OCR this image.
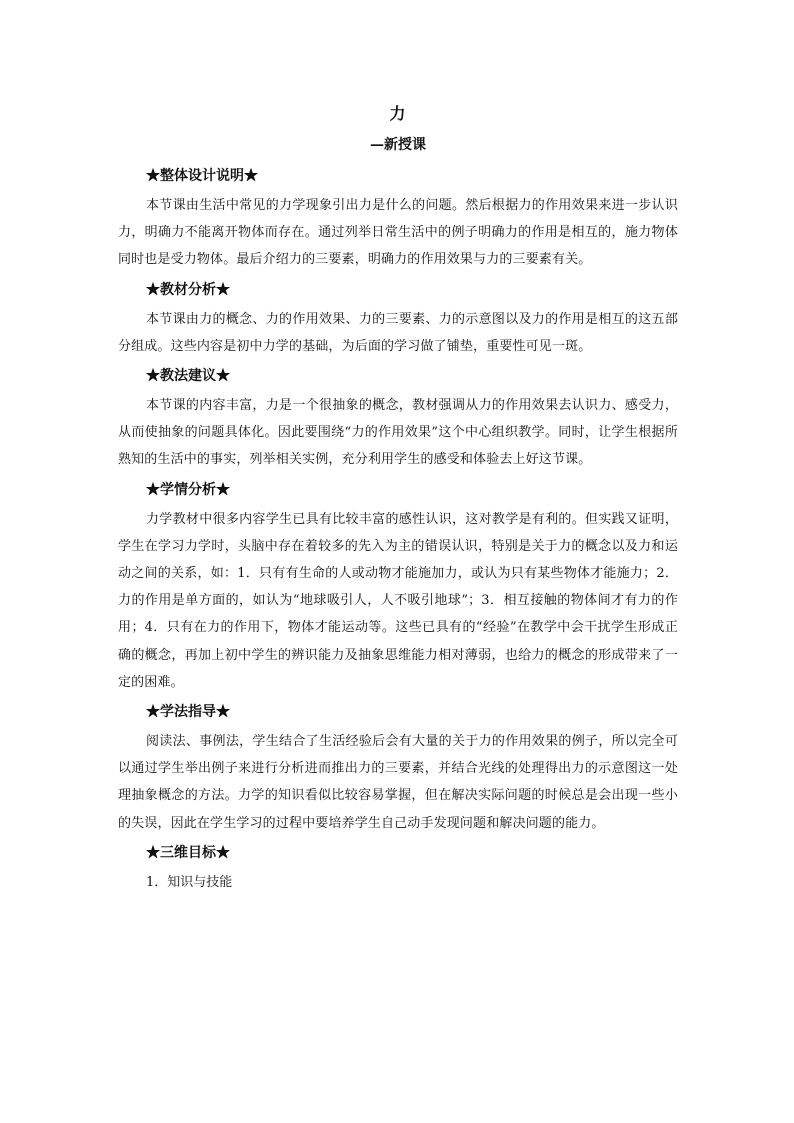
力
—新授课
★整体设计说明★

本节课由生活中常见的力学现象引出力是什么的问题。然后根据力的作用效果来进一步认识力，明确力不能离开物体而存在。通过列举日常生活中的例子明确力的作用是相互的，施力物体同时也是受力物体。最后介绍力的三要素，明确力的作用效果与力的三要素有关。

★教材分析★

本节课由力的概念、力的作用效果、力的三要素、力的示意图以及力的作用是相互的这五部分组成。这些内容是初中力学的基础，为后面的学习做了铺垫，重要性可见一斑。

★教法建议★

本节课的内容丰富，力是一个很抽象的概念，教材强调从力的作用效果去认识力、感受力，从而使抽象的问题具体化。因此要围绕“力的作用效果”这个中心组织教学。同时，让学生根据所熟知的生活中的事实，列举相关实例，充分利用学生的感受和体验去上好这节课。

★学情分析★

力学教材中很多内容学生已具有比较丰富的感性认识，这对教学是有利的。但实践又证明，学生在学习力学时，头脑中存在着较多的先入为主的错误认识，特别是关于力的概念以及力和运动之间的关系，如：1．只有有生命的人或动物才能施加力，或认为只有某些物体才能施力；2．力的作用是单方面的，如认为“地球吸引人，人不吸引地球”；3．相互接触的物体间才有力的作用；4．只有在力的作用下，物体才能运动等。这些已具有的“经验”在教学中会干扰学生形成正确的概念，再加上初中学生的辨识能力及抽象思维能力相对薄弱，也给力的概念的形成带来了一定的困难。

★学法指导★

阅读法、事例法，学生结合了生活经验后会有大量的关于力的作用效果的例子，所以完全可以通过学生举出例子来进行分析进而推出力的三要素，并结合光线的处理得出力的示意图这一处理抽象概念的方法。力学的知识看似比较容易掌握，但在解决实际问题的时候总是会出现一些小的失误，因此在学生学习的过程中要培养学生自己动手发现问题和解决问题的能力。

★三维目标★
1．知识与技能
